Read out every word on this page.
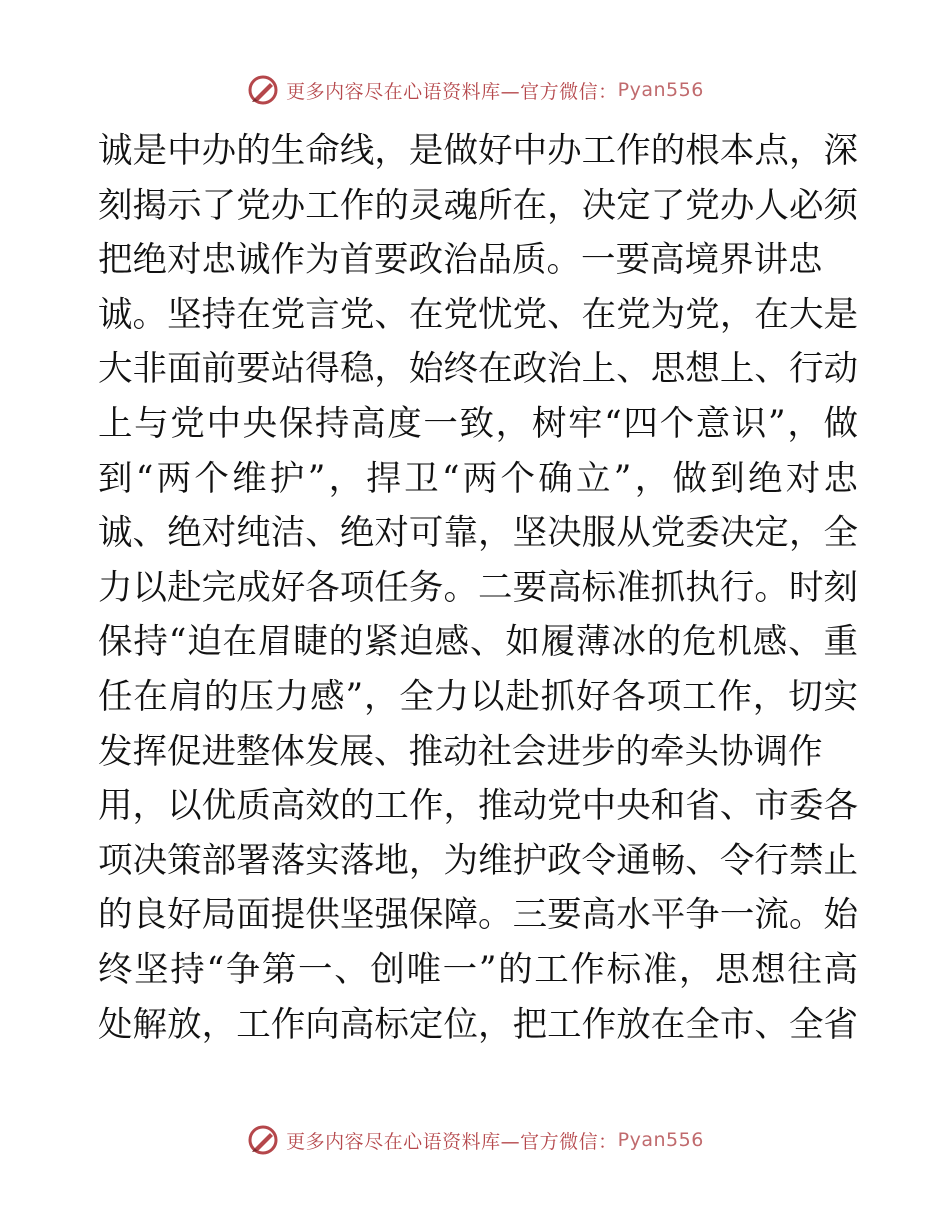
更多内容尽在心语资料库—官方微信： Pyan556
诚是中办的生命线，是做好中办工作的根本点，深
刻揭示了党办工作的灵魂所在，决定了党办人必须
把绝对忠诚作为首要政治品质。一要高境界讲忠
诚。坚持在党言党、在党忧党、在党为党，在大是
大非面前要站得稳，始终在政治上、思想上、行动
上与党中央保持高度一致，树牢“四个意识”，做
到“两个维护”，捍卫“两个确立”，做到绝对忠
诚、绝对纯洁、绝对可靠，坚决服从党委决定，全
力以赴完成好各项任务。二要高标准抓执行。时刻
保持“迫在眉睫的紧迫感、如履薄冰的危机感、重
任在肩的压力感”，全力以赴抓好各项工作，切实
发挥促进整体发展、推动社会进步的牵头协调作
用，以优质高效的工作，推动党中央和省、市委各
项决策部署落实落地，为维护政令通畅、令行禁止
的良好局面提供坚强保障。三要高水平争一流。始
终坚持“争第一、创唯一”的工作标准，思想往高
处解放，工作向高标定位，把工作放在全市、全省
更多内容尽在心语资料库—官方微信： Pyan556
